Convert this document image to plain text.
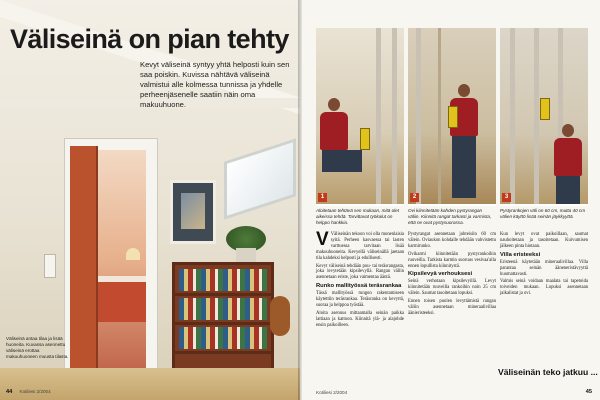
Väliseinä on pian tehty

Kevyt väliseinä syntyy yhtä helposti kuin sen saa poiskin. Kuvissa nähtävä väliseinä valmistui alle kolmessa tunnissa ja yhdelle perheenjäsenelle saatiin näin oma makuuhuone.

Väliseinä antaa tilaa ja lisää huoneita. Kuvassa asennettu väliseinä erottaa makuuhuoneen muusta tilasta.

44 Kotiliesi 2/2004
1	2	3

Aloitetaan tehtävä sen mukaan, mitä olet aikeissa tehdä. Tarvittavat työkalut on helppo hankkia.

Ovi kiinnitetään kahden pystyrangan väliin. Kiinnitä rangat tarkasti ja varmista, että ne ovat pystysuorassa.

Pystyrankojen väli on 60 cm, mutta 40 cm välien käyttö lisää seinän jäykkyyttä.

V Väliseinän tekoon voi olla monenlaisia syitä. Perheen kasvaessa tai lasten varttuessa tarvitaan lisää makuuhuoneita. Kevyellä väliseinällä jaetaan tila kahdeksi helposti ja edullisesti.

Kevyt väliseinä tehdään puu- tai teräsrangasta, joka levytetään kipsilevyllä. Rangan väliin asennetaan eriste, joka vaimentaa ääntä.

Runko mallityössä teräsrankaa

Tässä mallityössä rungon rakentamiseen käytettiin teräsrankaa. Teräsranka on kevyttä, suoraa ja helppoa työstää.

Aloita asennus mittaamalla seinän paikka lattiaan ja kattoon. Kiinnitä ylä- ja alajohde ensin paikoilleen.

Pystyrangat asennetaan johteisiin 60 cm välein. Oviaukon kohdalle tehdään vahvistettu karmirunko.

Ovikarmi kiinnitetään pystyrankoihin ruuveilla. Tarkista karmin suoruus vesivaa'alla ennen lopullista kiinnitystä.

Kipsilevyä verhouksesi

Seinä verhotaan kipsilevyillä. Levyt kiinnitetään ruuveilla rankoihin noin 25 cm välein. Saumat tasoitetaan lopuksi.

Ennen toisen puolen levyttämistä rangan väliin asennetaan mineraalivillaa äänieristeeksi.

Kun levyt ovat paikoillaan, saumat nauhoitetaan ja tasoitetaan. Kuivumisen jälkeen pinta hiotaan.

Villa eristeeksi

Eristeenä käytetään mineraalivillaa. Villa parantaa seinän ääneneristävyyttä huomattavasti.

Valmis seinä voidaan maalata tai tapetoida toiveiden mukaan. Lopuksi asennetaan jalkalistat ja ovi.

Väliseinän teko jatkuu ...
Kotiliesi 2/2004	45
